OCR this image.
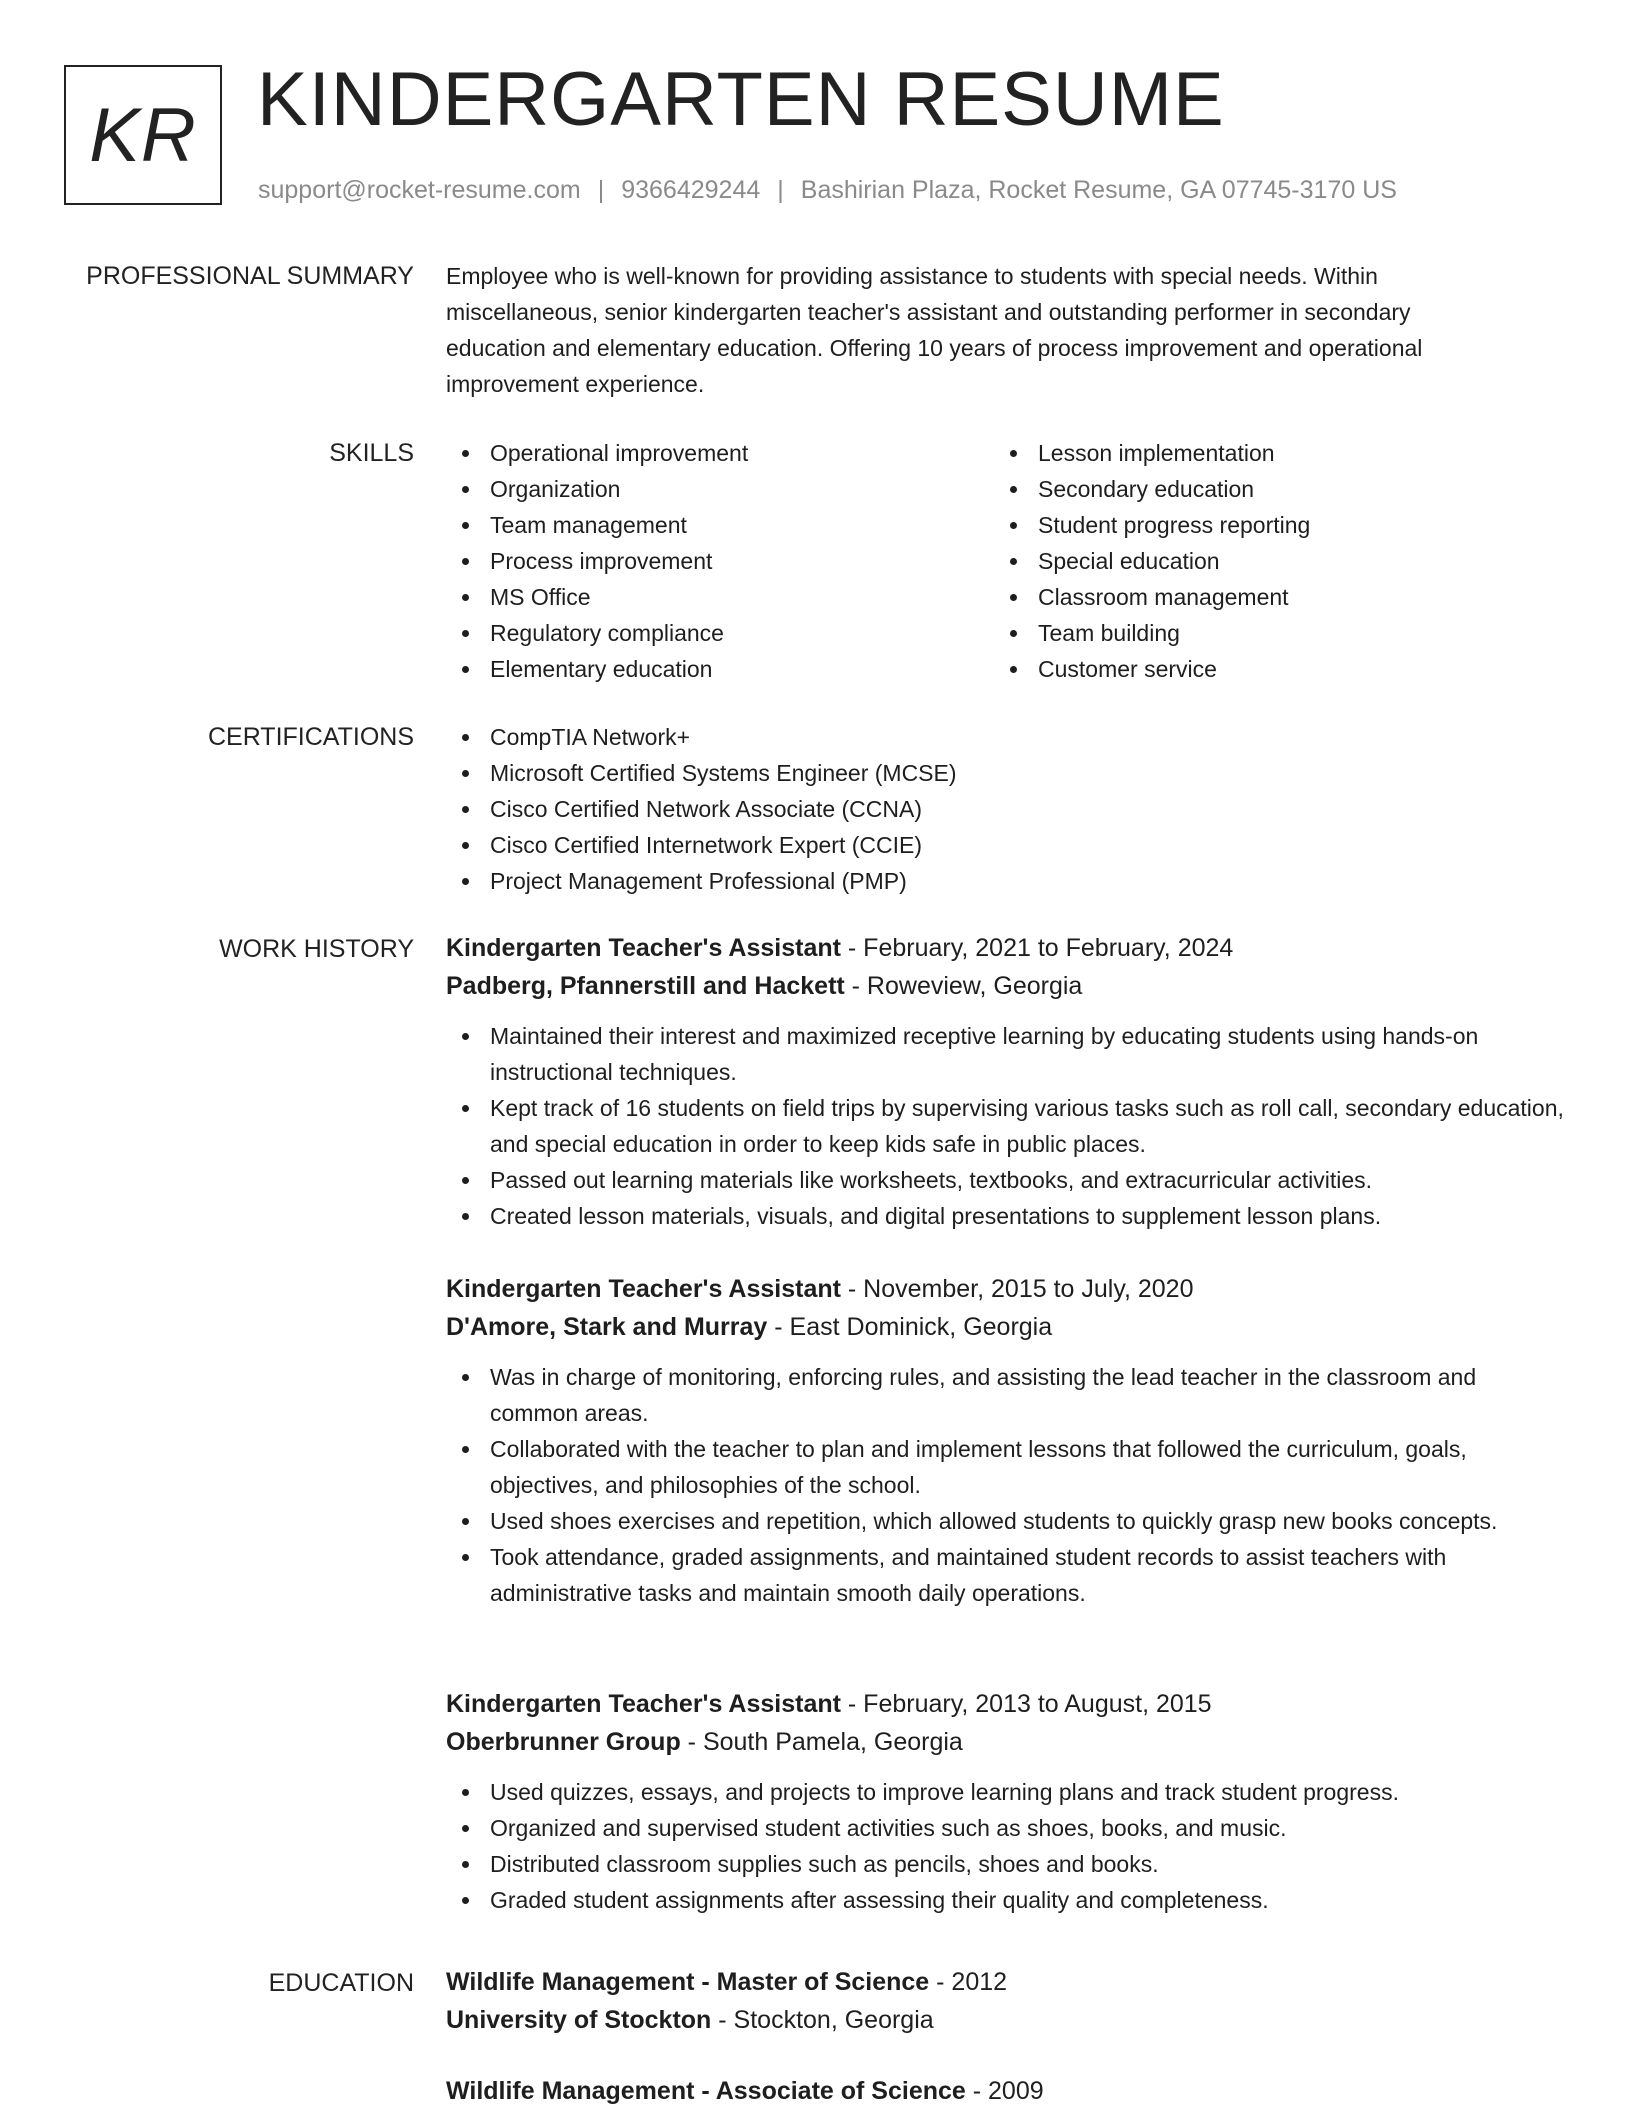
KR KINDERGARTEN RESUME
support@rocket-resume.com | 9366429244 | Bashirian Plaza, Rocket Resume, GA 07745-3170 US
PROFESSIONAL SUMMARY Employee who is well-known for providing assistance to students with special needs. Within
miscellaneous, senior kindergarten teacher's assistant and outstanding performer in secondary
education and elementary education. Offering 10 years of process improvement and operational
improvement experience.
SKILLS	Operational improvement
Organization
Team management
Process improvement
MS Office
Regulatory compliance
Elementary education
Lesson implementation
Secondary education
Student progress reporting
Special education
Classroom management
Team building
Customer service
CERTIFICATIONS	CompTIA Network+
Microsoft Certified Systems Engineer (MCSE)
Cisco Certified Network Associate (CCNA)
Cisco Certified Internetwork Expert (CCIE)
Project Management Professional (PMP)
WORK HISTORY Kindergarten Teacher's Assistant - February, 2021 to February, 2024
Padberg, Pfannerstill and Hackett - Roweview, Georgia
Maintained their interest and maximized receptive learning by educating students using hands-on instructional techniques.
Kept track of 16 students on field trips by supervising various tasks such as roll call, secondary education, and special education in order to keep kids safe in public places.
Passed out learning materials like worksheets, textbooks, and extracurricular activities.
Created lesson materials, visuals, and digital presentations to supplement lesson plans.
Kindergarten Teacher's Assistant - November, 2015 to July, 2020
D'Amore, Stark and Murray - East Dominick, Georgia
Was in charge of monitoring, enforcing rules, and assisting the lead teacher in the classroom and common areas.
Collaborated with the teacher to plan and implement lessons that followed the curriculum, goals, objectives, and philosophies of the school.
Used shoes exercises and repetition, which allowed students to quickly grasp new books concepts.
Took attendance, graded assignments, and maintained student records to assist teachers with administrative tasks and maintain smooth daily operations.
Kindergarten Teacher's Assistant - February, 2013 to August, 2015
Oberbrunner Group - South Pamela, Georgia
Used quizzes, essays, and projects to improve learning plans and track student progress.
Organized and supervised student activities such as shoes, books, and music.
Distributed classroom supplies such as pencils, shoes and books.
Graded student assignments after assessing their quality and completeness.
EDUCATION Wildlife Management - Master of Science - 2012
University of Stockton - Stockton, Georgia
Wildlife Management - Associate of Science - 2009
